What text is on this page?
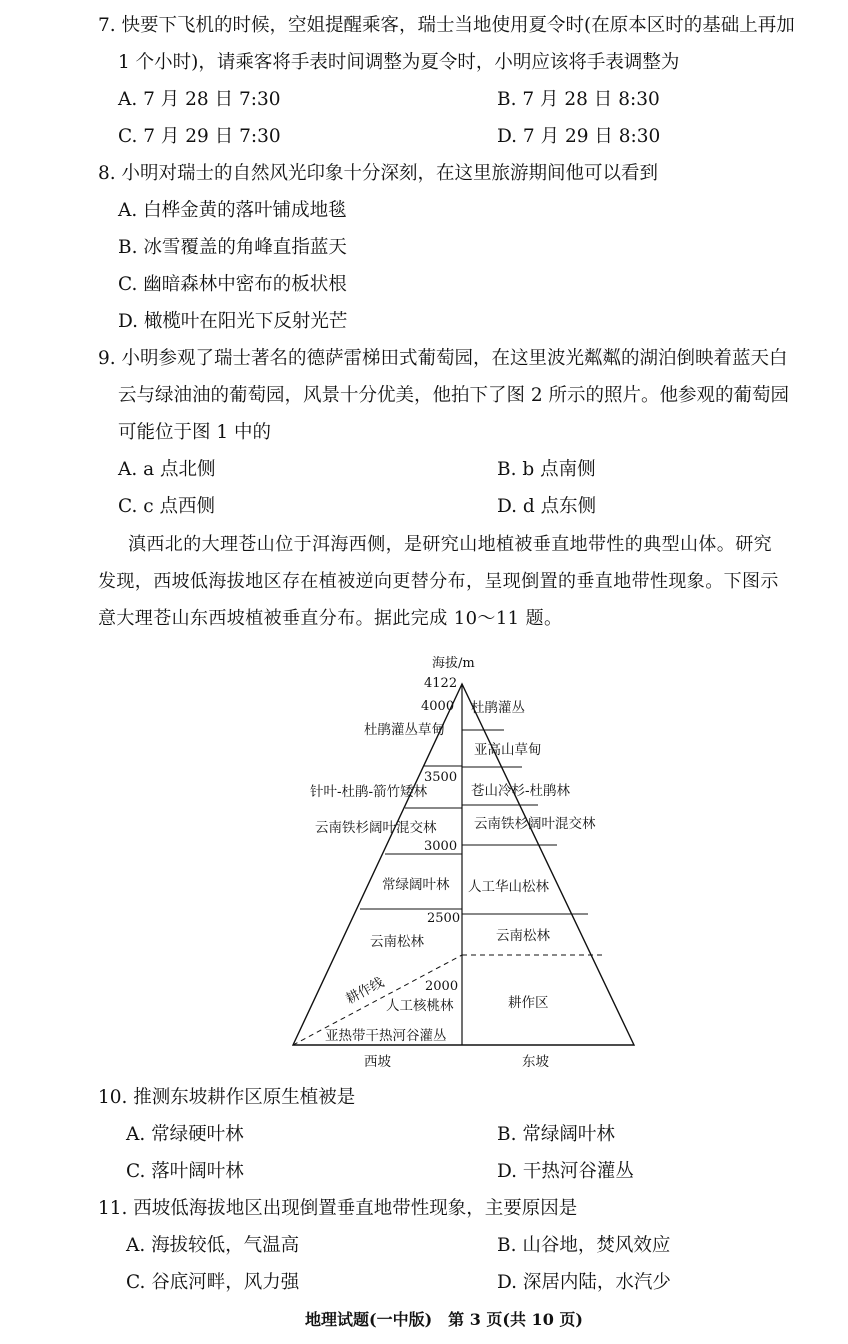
7. 快要下飞机的时候，空姐提醒乘客，瑞士当地使用夏令时(在原本区时的基础上再加
1 个小时)，请乘客将手表时间调整为夏令时，小明应该将手表调整为
A. 7 月 28 日 7:30	B. 7 月 28 日 8:30
C. 7 月 29 日 7:30	D. 7 月 29 日 8:30
8. 小明对瑞士的自然风光印象十分深刻，在这里旅游期间他可以看到
A. 白桦金黄的落叶铺成地毯
B. 冰雪覆盖的角峰直指蓝天
C. 幽暗森林中密布的板状根
D. 橄榄叶在阳光下反射光芒
9. 小明参观了瑞士著名的德萨雷梯田式葡萄园，在这里波光粼粼的湖泊倒映着蓝天白
云与绿油油的葡萄园，风景十分优美，他拍下了图 2 所示的照片。他参观的葡萄园
可能位于图 1 中的
A. a 点北侧	B. b 点南侧
C. c 点西侧	D. d 点东侧
滇西北的大理苍山位于洱海西侧，是研究山地植被垂直地带性的典型山体。研究
发现，西坡低海拔地区存在植被逆向更替分布，呈现倒置的垂直地带性现象。下图示
意大理苍山东西坡植被垂直分布。据此完成 10～11 题。
海拔/m
4122
4000
3500
3000
2500
2000
杜鹃灌丛草甸
针叶-杜鹃-箭竹矮林
云南铁杉阔叶混交林
常绿阔叶林
云南松林
人工核桃林
亚热带干热河谷灌丛
耕作线
杜鹃灌丛
亚高山草甸
苍山冷杉-杜鹃林
云南铁杉阔叶混交林
人工华山松林
云南松林
耕作区
西坡	东坡
10. 推测东坡耕作区原生植被是
A. 常绿硬叶林	B. 常绿阔叶林
C. 落叶阔叶林	D. 干热河谷灌丛
11. 西坡低海拔地区出现倒置垂直地带性现象，主要原因是
A. 海拔较低，气温高	B. 山谷地，焚风效应
C. 谷底河畔，风力强	D. 深居内陆，水汽少
地理试题(一中版)　第 3 页(共 10 页)
